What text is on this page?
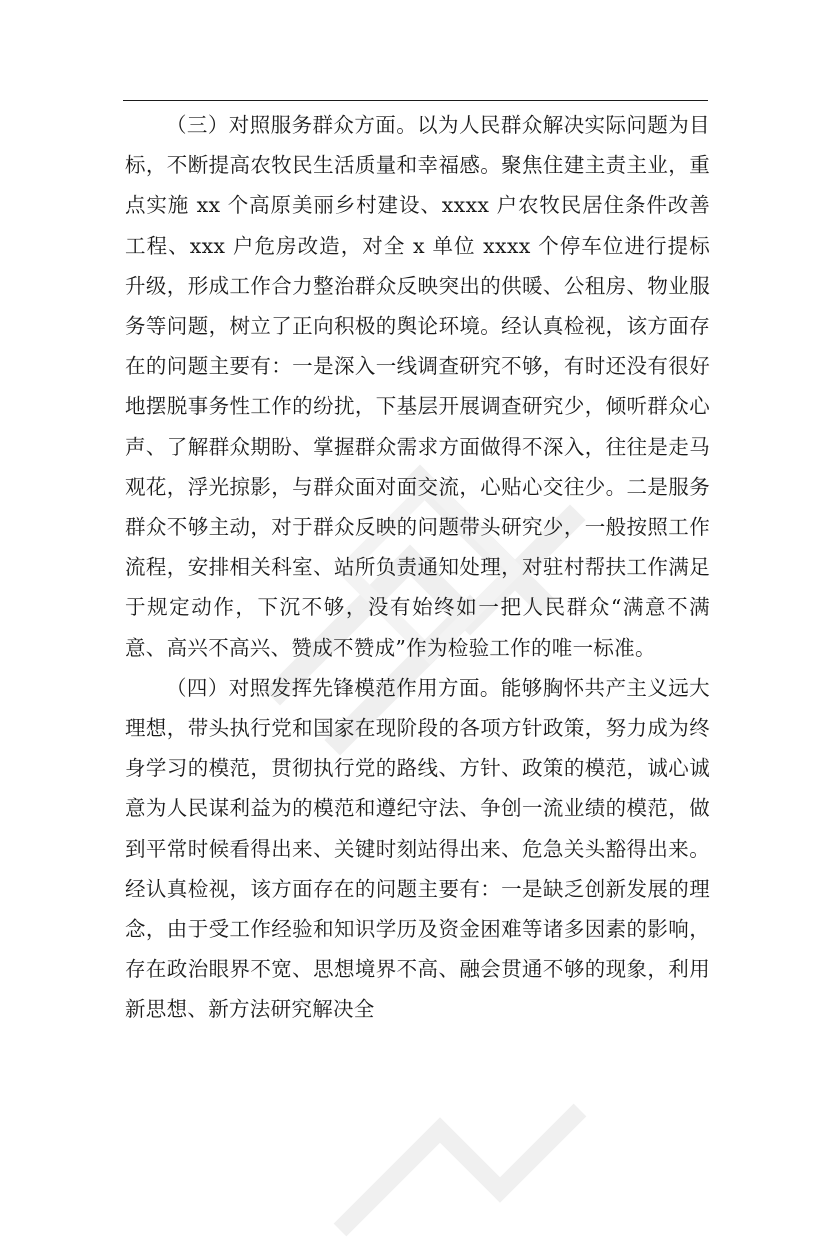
（三）对照服务群众方面。以为人民群众解决实际问题为目标，不断提高农牧民生活质量和幸福感。聚焦住建主责主业，重点实施 xx 个高原美丽乡村建设、xxxx 户农牧民居住条件改善工程、xxx 户危房改造，对全 x 单位 xxxx 个停车位进行提标升级，形成工作合力整治群众反映突出的供暖、公租房、物业服务等问题，树立了正向积极的舆论环境。经认真检视，该方面存在的问题主要有：一是深入一线调查研究不够，有时还没有很好地摆脱事务性工作的纷扰，下基层开展调查研究少，倾听群众心声、了解群众期盼、掌握群众需求方面做得不深入，往往是走马观花，浮光掠影，与群众面对面交流，心贴心交往少。二是服务群众不够主动，对于群众反映的问题带头研究少，一般按照工作流程，安排相关科室、站所负责通知处理，对驻村帮扶工作满足于规定动作，下沉不够，没有始终如一把人民群众“满意不满意、高兴不高兴、赞成不赞成”作为检验工作的唯一标准。

（四）对照发挥先锋模范作用方面。能够胸怀共产主义远大理想，带头执行党和国家在现阶段的各项方针政策，努力成为终身学习的模范，贯彻执行党的路线、方针、政策的模范，诚心诚意为人民谋利益为的模范和遵纪守法、争创一流业绩的模范，做到平常时候看得出来、关键时刻站得出来、危急关头豁得出来。经认真检视，该方面存在的问题主要有：一是缺乏创新发展的理念，由于受工作经验和知识学历及资金困难等诸多因素的影响，存在政治眼界不宽、思想境界不高、融会贯通不够的现象，利用新思想、新方法研究解决全
